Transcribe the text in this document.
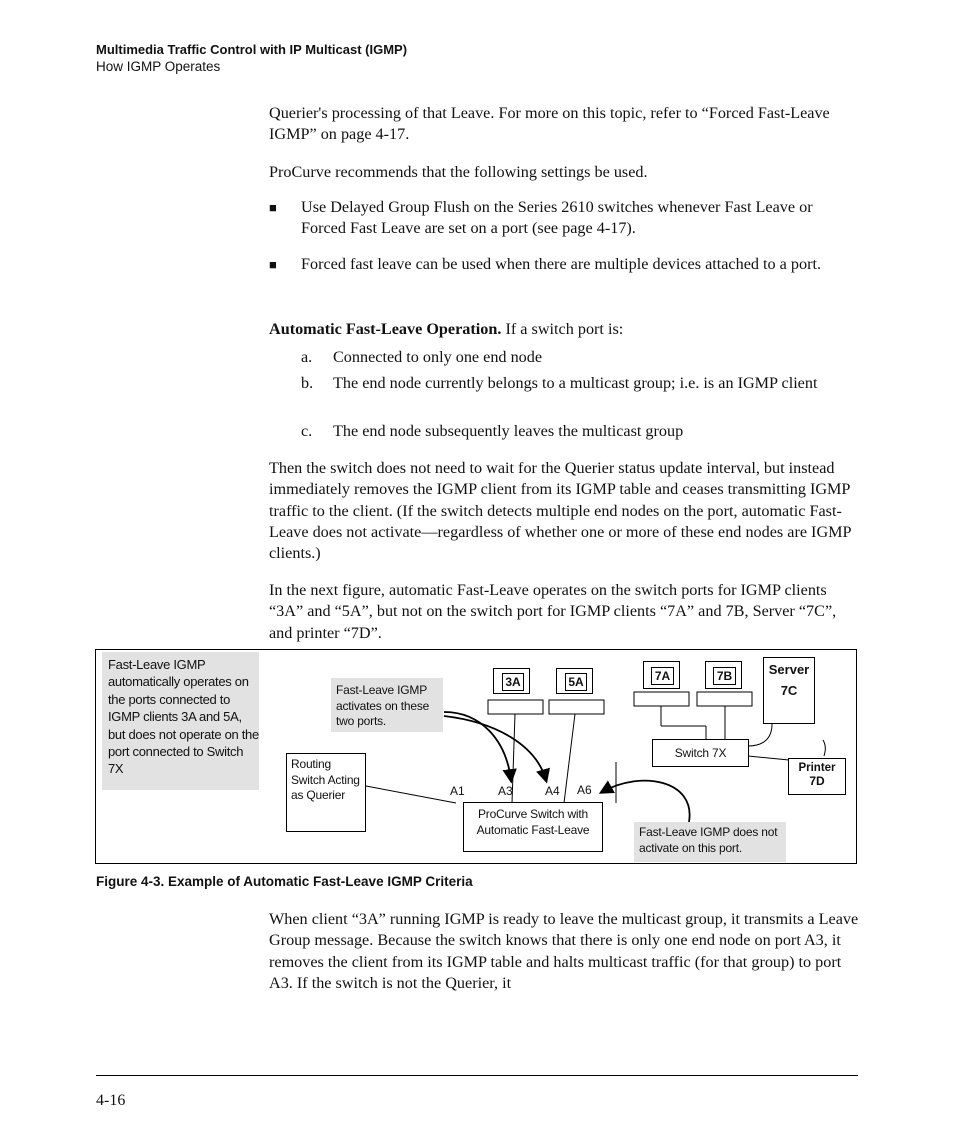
Multimedia Traffic Control with IP Multicast (IGMP)
How IGMP Operates
Querier's processing of that Leave. For more on this topic, refer to “Forced Fast-Leave IGMP” on page 4-17.
ProCurve recommends that the following settings be used.
■ Use Delayed Group Flush on the Series 2610 switches whenever Fast Leave or Forced Fast Leave are set on a port (see page 4-17).
■ Forced fast leave can be used when there are multiple devices attached to a port.
Automatic Fast-Leave Operation. If a switch port is:
a. Connected to only one end node
b. The end node currently belongs to a multicast group; i.e. is an IGMP client
c. The end node subsequently leaves the multicast group
Then the switch does not need to wait for the Querier status update interval, but instead immediately removes the IGMP client from its IGMP table and ceases transmitting IGMP traffic to the client. (If the switch detects multiple end nodes on the port, automatic Fast-Leave does not activate—regardless of whether one or more of these end nodes are IGMP clients.)
In the next figure, automatic Fast-Leave operates on the switch ports for IGMP clients “3A” and “5A”, but not on the switch port for IGMP clients “7A” and 7B, Server “7C”, and printer “7D”.
Fast-Leave IGMP automatically operates on the ports connected to IGMP clients 3A and 5A, but does not operate on the port connected to Switch 7X
Fast-Leave IGMP activates on these two ports.
3A	5A	7A	7B	Server
7C
Switch 7X
Printer
7D
Routing Switch Acting as Querier
ProCurve Switch with Automatic Fast-Leave
A1	A3	A4 A6
Fast-Leave IGMP does not activate on this port.
Figure 4-3. Example of Automatic Fast-Leave IGMP Criteria
When client “3A” running IGMP is ready to leave the multicast group, it transmits a Leave Group message. Because the switch knows that there is only one end node on port A3, it removes the client from its IGMP table and halts multicast traffic (for that group) to port A3. If the switch is not the Querier, it
4-16
